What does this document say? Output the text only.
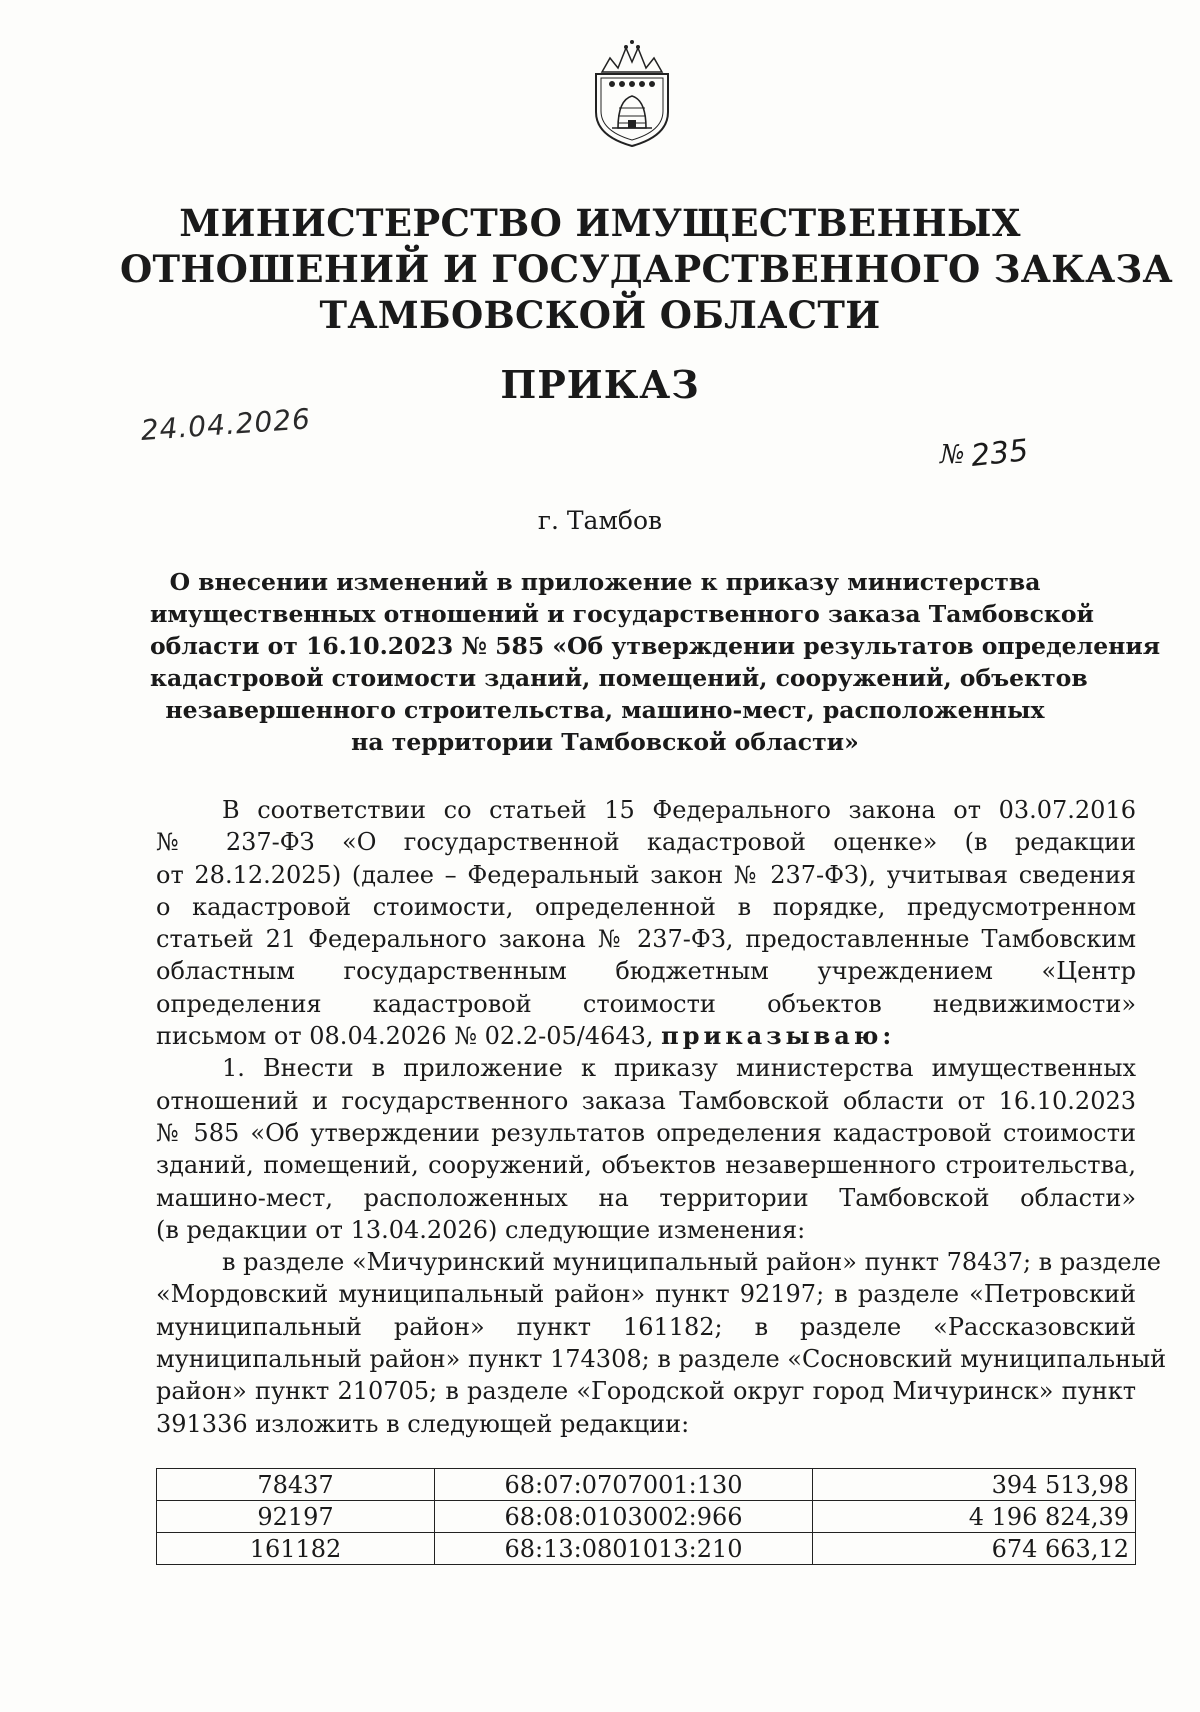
МИНИСТЕРСТВО ИМУЩЕСТВЕННЫХ
ОТНОШЕНИЙ И ГОСУДАРСТВЕННОГО ЗАКАЗА
ТАМБОВСКОЙ ОБЛАСТИ
ПРИКАЗ
24.04.2026
№ 235
г. Тамбов
О внесении изменений в приложение к приказу министерства
имущественных отношений и государственного заказа Тамбовской
области от 16.10.2023 № 585 «Об утверждении результатов определения
кадастровой стоимости зданий, помещений, сооружений, объектов
незавершенного строительства, машино-мест, расположенных
на территории Тамбовской области»
В соответствии со статьей 15 Федерального закона от 03.07.2016
№ 237-ФЗ «О государственной кадастровой оценке» (в редакции
от 28.12.2025) (далее – Федеральный закон № 237-ФЗ), учитывая сведения
о кадастровой стоимости, определенной в порядке, предусмотренном
статьей 21 Федерального закона № 237-ФЗ, предоставленные Тамбовским
областным государственным бюджетным учреждением «Центр
определения кадастровой стоимости объектов недвижимости»
письмом от 08.04.2026 № 02.2-05/4643, приказываю:
1. Внести в приложение к приказу министерства имущественных
отношений и государственного заказа Тамбовской области от 16.10.2023
№ 585 «Об утверждении результатов определения кадастровой стоимости
зданий, помещений, сооружений, объектов незавершенного строительства,
машино-мест, расположенных на территории Тамбовской области»
(в редакции от 13.04.2026) следующие изменения:
в разделе «Мичуринский муниципальный район» пункт 78437; в разделе
«Мордовский муниципальный район» пункт 92197; в разделе «Петровский
муниципальный район» пункт 161182; в разделе «Рассказовский
муниципальный район» пункт 174308; в разделе «Сосновский муниципальный
район» пункт 210705; в разделе «Городской округ город Мичуринск» пункт
391336 изложить в следующей редакции:
78437	68:07:0707001:130	394 513,98
92197	68:08:0103002:966	4 196 824,39
161182	68:13:0801013:210	674 663,12
